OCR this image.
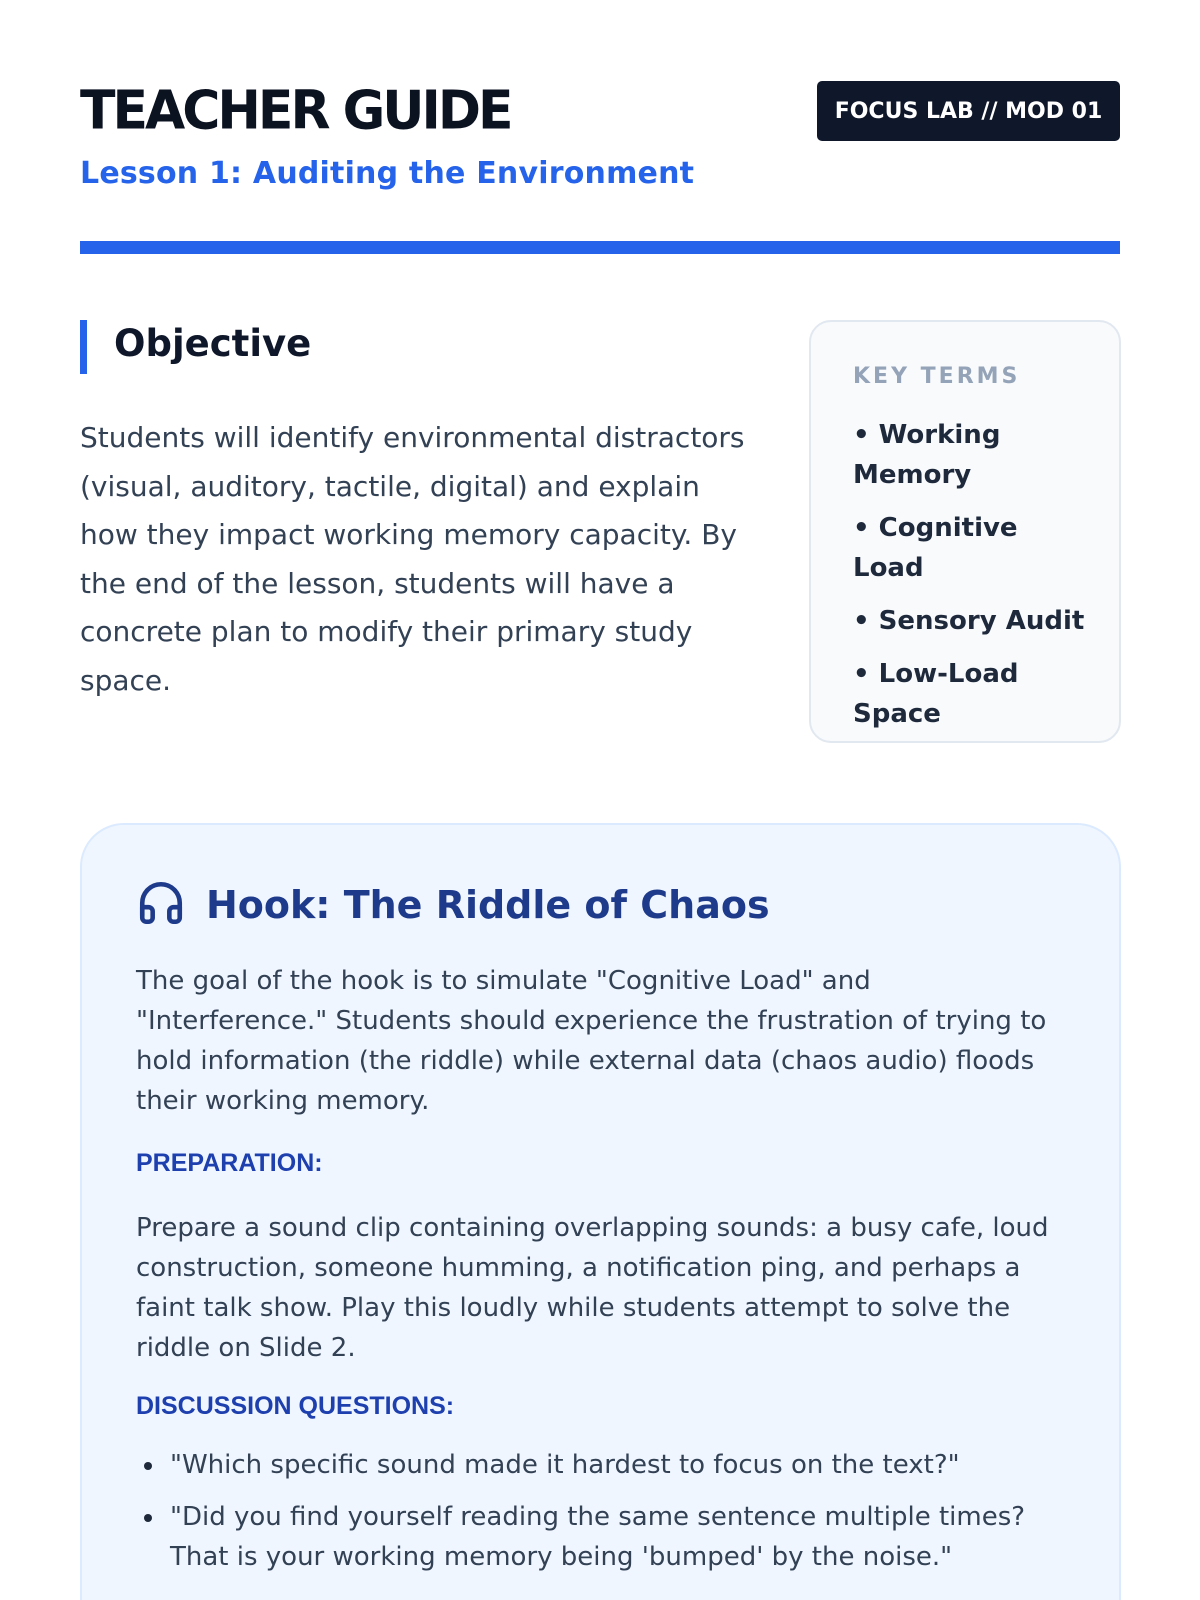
TEACHER GUIDE
Lesson 1: Auditing the Environment
FOCUS LAB // MOD 01
Objective

Students will identify environmental distractors (visual, auditory, tactile, digital) and explain how they impact working memory capacity. By the end of the lesson, students will have a concrete plan to modify their primary study space.

KEY TERMS
• Working Memory
• Cognitive Load
• Sensory Audit
• Low-Load Space
Hook: The Riddle of Chaos

The goal of the hook is to simulate "Cognitive Load" and "Interference." Students should experience the frustration of trying to hold information (the riddle) while external data (chaos audio) floods their working memory.

PREPARATION:

Prepare a sound clip containing overlapping sounds: a busy cafe, loud construction, someone humming, a notification ping, and perhaps a faint talk show. Play this loudly while students attempt to solve the riddle on Slide 2.

DISCUSSION QUESTIONS:
"Which specific sound made it hardest to focus on the text?"
"Did you find yourself reading the same sentence multiple times? That is your working memory being 'bumped' by the noise."
